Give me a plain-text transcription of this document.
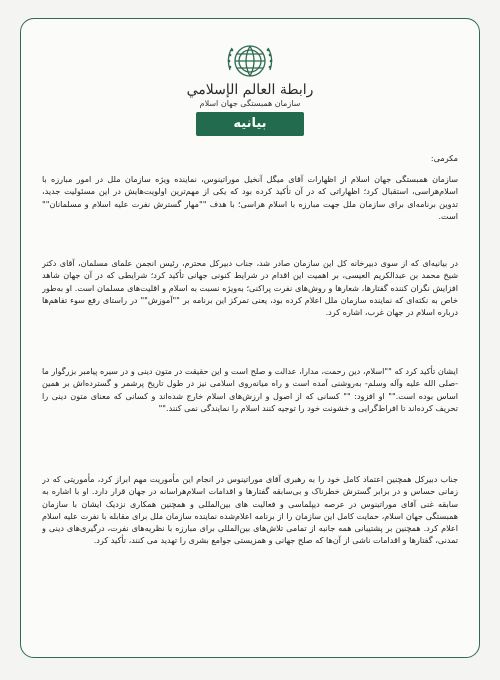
رابطة العالم الإسلامي
سازمان همبستگی جهان اسلام
بیانیه

مکرمی:

سازمان همبستگی جهان اسلام از اظهارات آقای میگل آنخیل موراتینوس، نماینده ویژه سازمان ملل در امور مبارزه با اسلام‌هراسی، استقبال کرد؛ اظهاراتی که در آن تأکید کرده بود که یکی از مهم‌ترین اولویت‌هایش در این مسئولیت جدید، تدوین برنامه‌ای برای سازمان ملل جهت مبارزه با اسلام هراسی؛ با هدف ""مهار گسترش نفرت علیه اسلام و مسلمانان"" است.

در بیانیه‌ای که از سوی دبیرخانه کل این سازمان صادر شد، جناب دبیرکل محترم، رئیس انجمن علمای مسلمان، آقای دکتر شیخ محمد بن عبدالکریم العیسی، بر اهمیت این اقدام در شرایط کنونی جهانی تأکید کرد؛ شرایطی که در آن جهان شاهد افزایش نگران کننده گفتارها، شعارها و روش‌های نفرت پراکنی؛ به‌ویژه نسبت به اسلام و اقلیت‌های مسلمان است. او به‌طور خاص به نکته‌ای که نماینده سازمان ملل اعلام کرده بود، یعنی تمرکز این برنامه بر ""آموزش"" در راستای رفع سوء تفاهم‌ها درباره اسلام در جهان غرب، اشاره کرد.

ایشان تأکید کرد که ""اسلام، دین رحمت، مدارا، عدالت و صلح است و این حقیقت در متون دینی و در سیره پیامبر بزرگوار ما -صلی الله علیه وآله وسلم- به‌روشنی آمده است و راه میانه‌روی اسلامی نیز در طول تاریخ پرشمر و گسترده‌اش بر همین اساس بوده است."" او افزود: "" کسانی که از اصول و ارزش‌های اسلام خارج شده‌اند و کسانی که معنای متون دینی را تحریف کرده‌اند تا افراط‌گرایی و خشونت خود را توجیه کنند اسلام را نمایندگی نمی کنند.""

جناب دبیرکل همچنین اعتماد کامل خود را به رهبری آقای موراتینوس در انجام این مأموریت مهم ابراز کرد، مأموریتی که در زمانی حساس و در برابر گسترش خطرناک و بی‌سابقه گفتارها و اقدامات اسلام‌هراسانه در جهان قرار دارد. او با اشاره به سابقه غنی آقای موراتینوس در عرصه دیپلماسی و فعالیت های بین‌المللی و همچنین همکاری نزدیک ایشان با سازمان همبستگی جهان اسلام، حمایت کامل این سازمان را از برنامه اعلام‌شده نماینده سازمان ملل برای مقابله با نفرت علیه اسلام اعلام کرد. همچنین بر پشتیبانی همه جانبه از تمامی تلاش‌های بین‌المللی برای مبارزه با نظریه‌های نفرت، درگیری‌های دینی و تمدنی، گفتارها و اقدامات ناشی از آن‌ها که صلح جهانی و همزیستی جوامع بشری را تهدید می کنند، تأکید کرد.
